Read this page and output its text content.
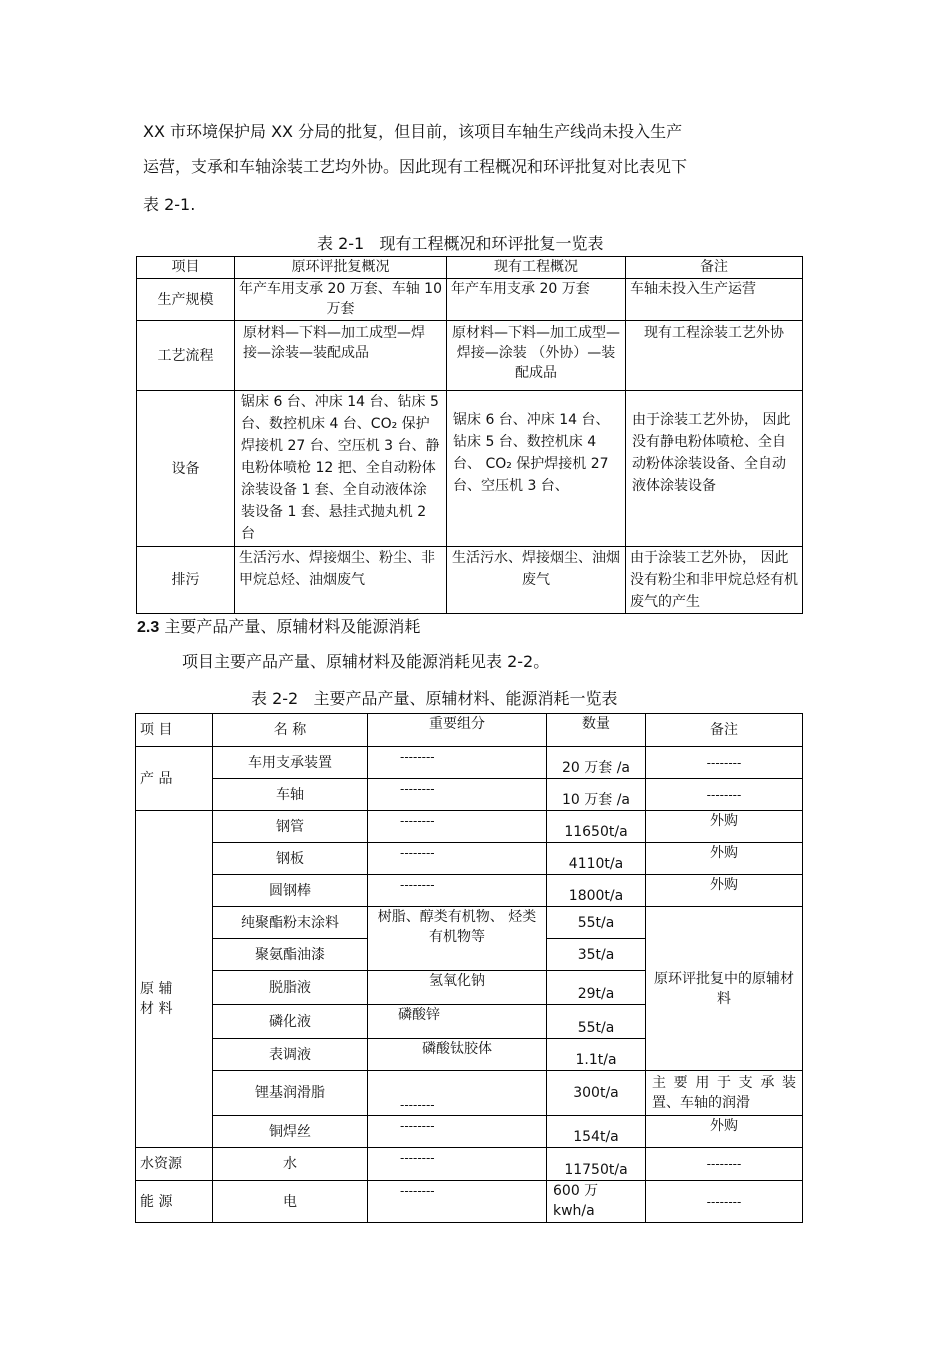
XX 市环境保护局 XX 分局的批复，但目前，该项目车轴生产线尚未投入生产
运营，支承和车轴涂装工艺均外协。因此现有工程概况和环评批复对比表见下
表 2-1.
表 2-1 现有工程概况和环评批复一览表
项目	原环评批复概况	现有工程概况	备注
生产规模	年产车用支承 20 万套、车轴 10 万套	年产车用支承 20 万套	车轴未投入生产运营
工艺流程	原材料—下料—加工成型—焊接—涂装—装配成品	原材料—下料—加工成型—焊接—涂装 （外协）—装配成品	现有工程涂装工艺外协
设备	锯床 6 台、冲床 14 台、钻床 5 台、数控机床 4 台、CO₂ 保护焊接机 27 台、空压机 3 台、静电粉体喷枪 12 把、全自动粉体涂装设备 1 套、全自动液体涂装设备 1 套、悬挂式抛丸机 2 台	锯床 6 台、冲床 14 台、钻床 5 台、数控机床 4 台、 CO₂ 保护焊接机 27 台、空压机 3 台、	由于涂装工艺外协， 因此没有静电粉体喷枪、全自动粉体涂装设备、全自动液体涂装设备
排污	生活污水、焊接烟尘、粉尘、非甲烷总烃、油烟废气	生活污水、焊接烟尘、油烟废气	由于涂装工艺外协， 因此没有粉尘和非甲烷总烃有机废气的产生
2.3 主要产品产量、原辅材料及能源消耗
项目主要产品产量、原辅材料及能源消耗见表 2-2。
表 2-2 主要产品产量、原辅材料、能源消耗一览表
项 目	名 称	重要组分	数量	备注
产 品	车用支承装置	--------	20 万套 /a	--------
	车轴	--------	10 万套 /a	--------
原 辅
材 料	钢管	--------	11650t/a	外购
	钢板	--------	4110t/a	外购
	圆钢棒	--------	1800t/a	外购
	纯聚酯粉末涂料	树脂、醇类有机物、 烃类有机物等	55t/a	原环评批复中的原辅材料
	聚氨酯油漆		35t/a	
	脱脂液	氢氧化钠	29t/a	
	磷化液	磷酸锌	55t/a	
	表调液	磷酸钛胶体	1.1t/a	
	锂基润滑脂	--------	300t/a	主 要 用 于 支 承 装 置、车轴的润滑
	铜焊丝	--------	154t/a	外购
水资源	水	--------	11750t/a	--------
能 源	电	--------	600 万 kwh/a	--------
